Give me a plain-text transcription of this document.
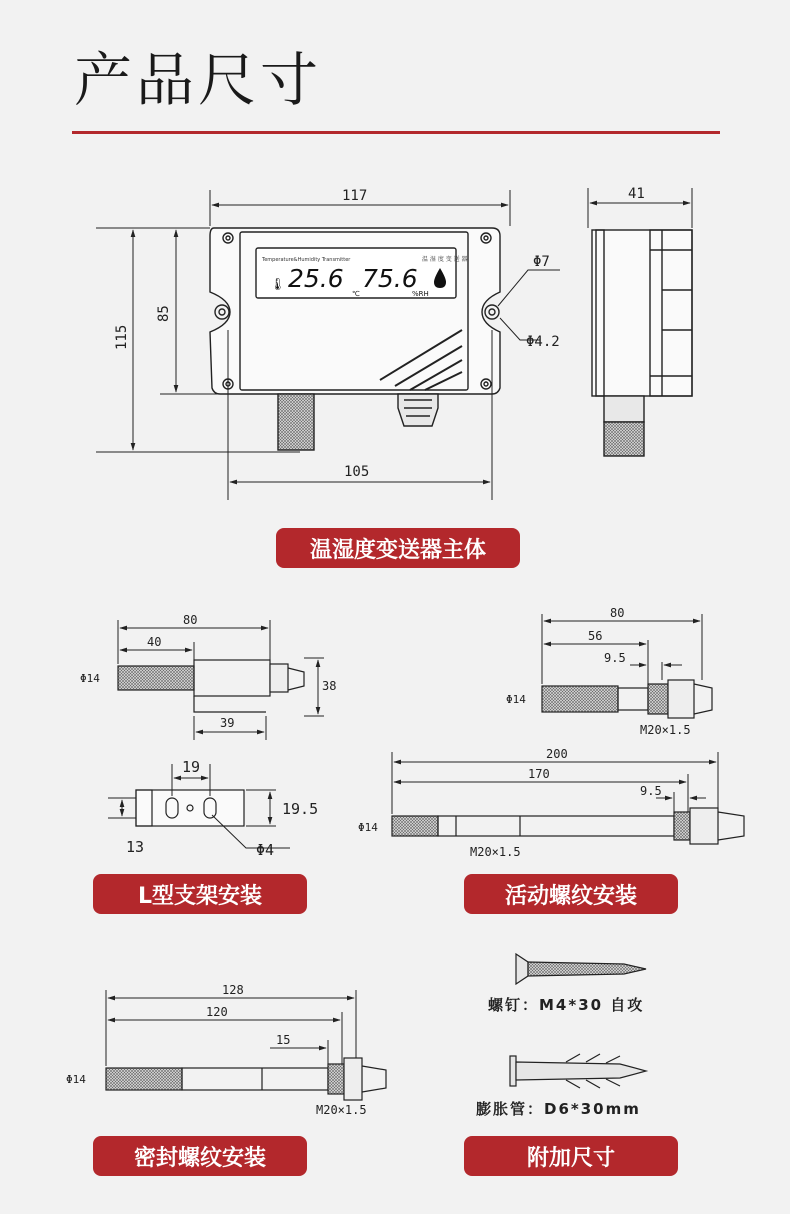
产品尺寸
Temperature&Humidity Transmitter	温 湿 度 变 送 器
🌡 25.6 75.6
℃	%RH
117
115
85
105
Φ7
Φ4.2
41
80
40
38
39
Φ14
19
19.5
13	Φ4
80
56
9.5
Φ14
M20×1.5
200
170
9.5
Φ14
M20×1.5
128
120
15
Φ14
M20×1.5
温湿度变送器主体
L型支架安装	活动螺纹安装
密封螺纹安装	附加尺寸
螺钉：M4*30 自攻
膨胀管：D6*30mm
